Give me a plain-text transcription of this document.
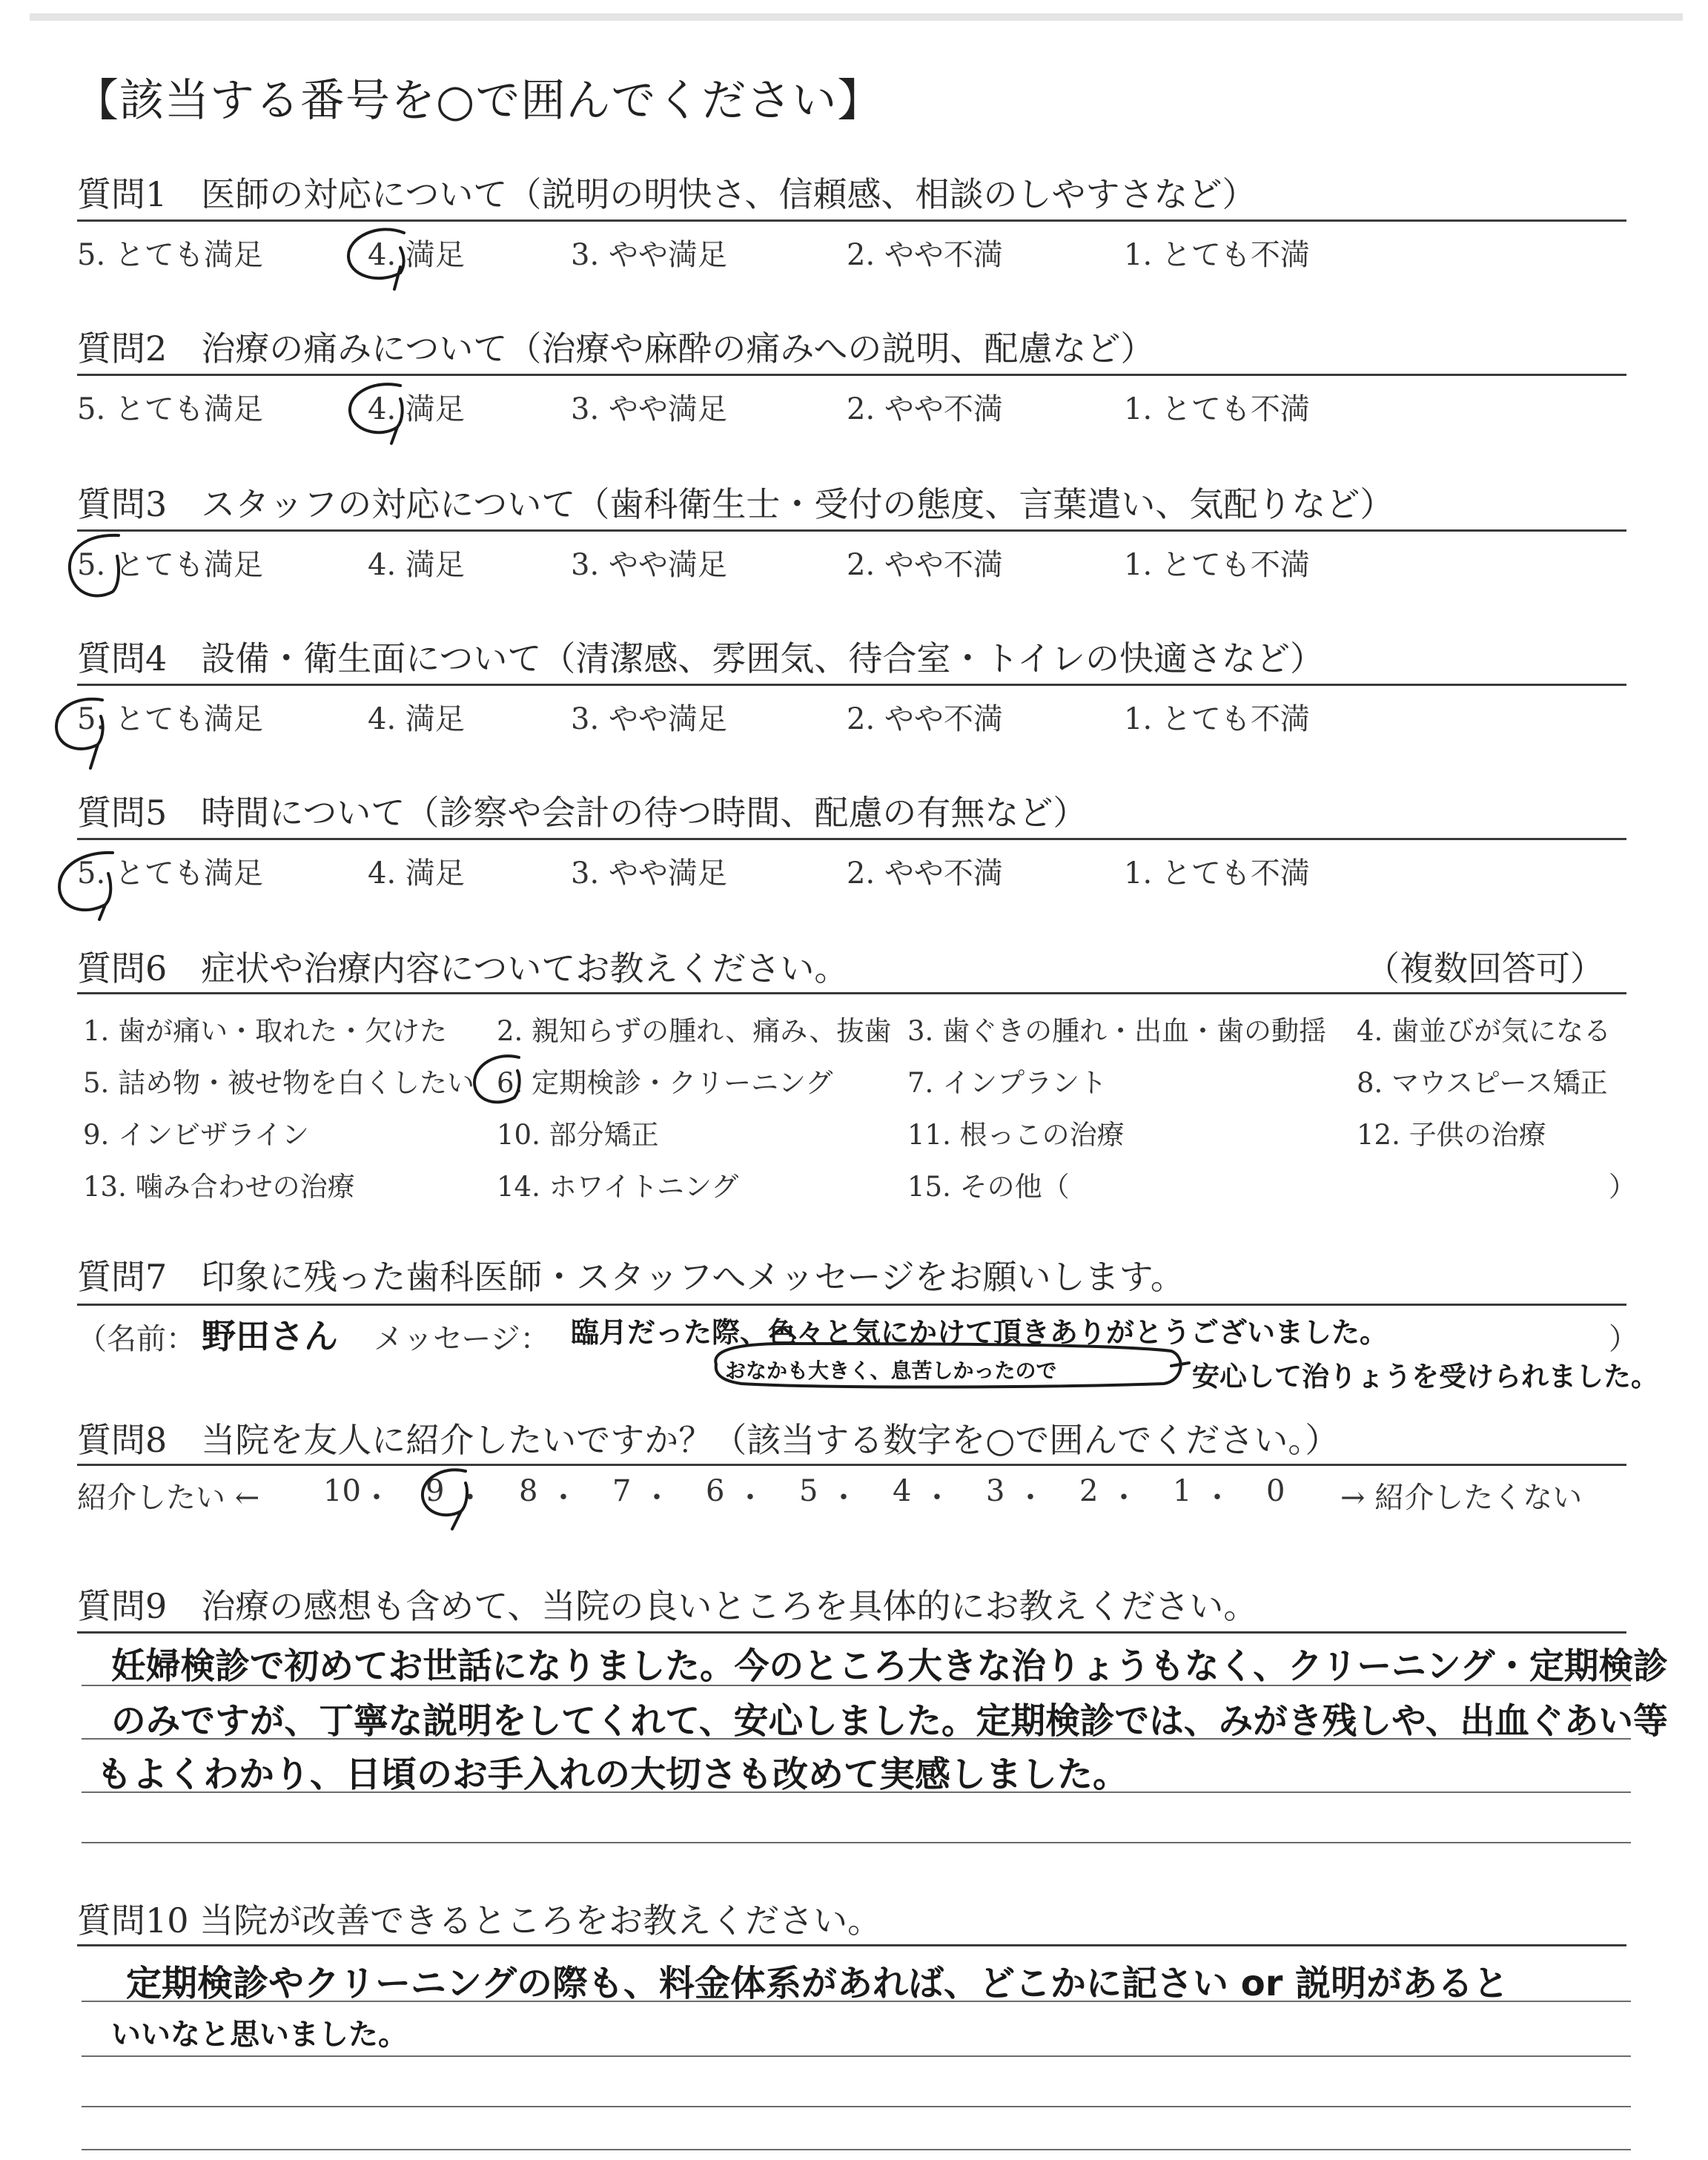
【該当する番号を○で囲んでください】
質問1　医師の対応について（説明の明快さ、信頼感、相談のしやすさなど）
5. とても満足	4. 満足	3. やや満足	2. やや不満	1. とても不満
質問2　治療の痛みについて（治療や麻酔の痛みへの説明、配慮など）
5. とても満足	4. 満足	3. やや満足	2. やや不満	1. とても不満
質問3　スタッフの対応について（歯科衛生士・受付の態度、言葉遣い、気配りなど）
5. とても満足	4. 満足	3. やや満足	2. やや不満	1. とても不満
質問4　設備・衛生面について（清潔感、雰囲気、待合室・トイレの快適さなど）
5. とても満足	4. 満足	3. やや満足	2. やや不満	1. とても不満
質問5　時間について（診察や会計の待つ時間、配慮の有無など）
5. とても満足	4. 満足	3. やや満足	2. やや不満	1. とても不満
質問6　症状や治療内容についてお教えください。	（複数回答可）
1. 歯が痛い・取れた・欠けた 2. 親知らずの腫れ、痛み、抜歯 3. 歯ぐきの腫れ・出血・歯の動揺 4. 歯並びが気になる
5. 詰め物・被せ物を白くしたい 6. 定期検診・クリーニング	7. インプラント	8. マウスピース矯正
9. インビザライン	10. 部分矯正	11. 根っこの治療	12. 子供の治療
13. 噛み合わせの治療	14. ホワイトニング	15. その他（	）
質問7　印象に残った歯科医師・スタッフへメッセージをお願いします。
（名前： 野田さん メッセージ： 臨月だった際、色々と気にかけて頂きありがとうございました。	）
おなかも大きく、息苦しかったので	安心して治りょうを受けられました。
質問8　当院を友人に紹介したいですか？（該当する数字を○で囲んでください。）
紹介したい ← 10 ・ 9 ・ 8 ・ 7 ・ 6 ・ 5 ・ 4 ・ 3 ・ 2 ・ 1 ・ 0 → 紹介したくない
質問9　治療の感想も含めて、当院の良いところを具体的にお教えください。
妊婦検診で初めてお世話になりました。今のところ大きな治りょうもなく、クリーニング・定期検診
のみですが、丁寧な説明をしてくれて、安心しました。定期検診では、みがき残しや、出血ぐあい等
もよくわかり、日頃のお手入れの大切さも改めて実感しました。
質問10 当院が改善できるところをお教えください。
定期検診やクリーニングの際も、料金体系があれば、どこかに記さい or 説明があると
いいなと思いました。
